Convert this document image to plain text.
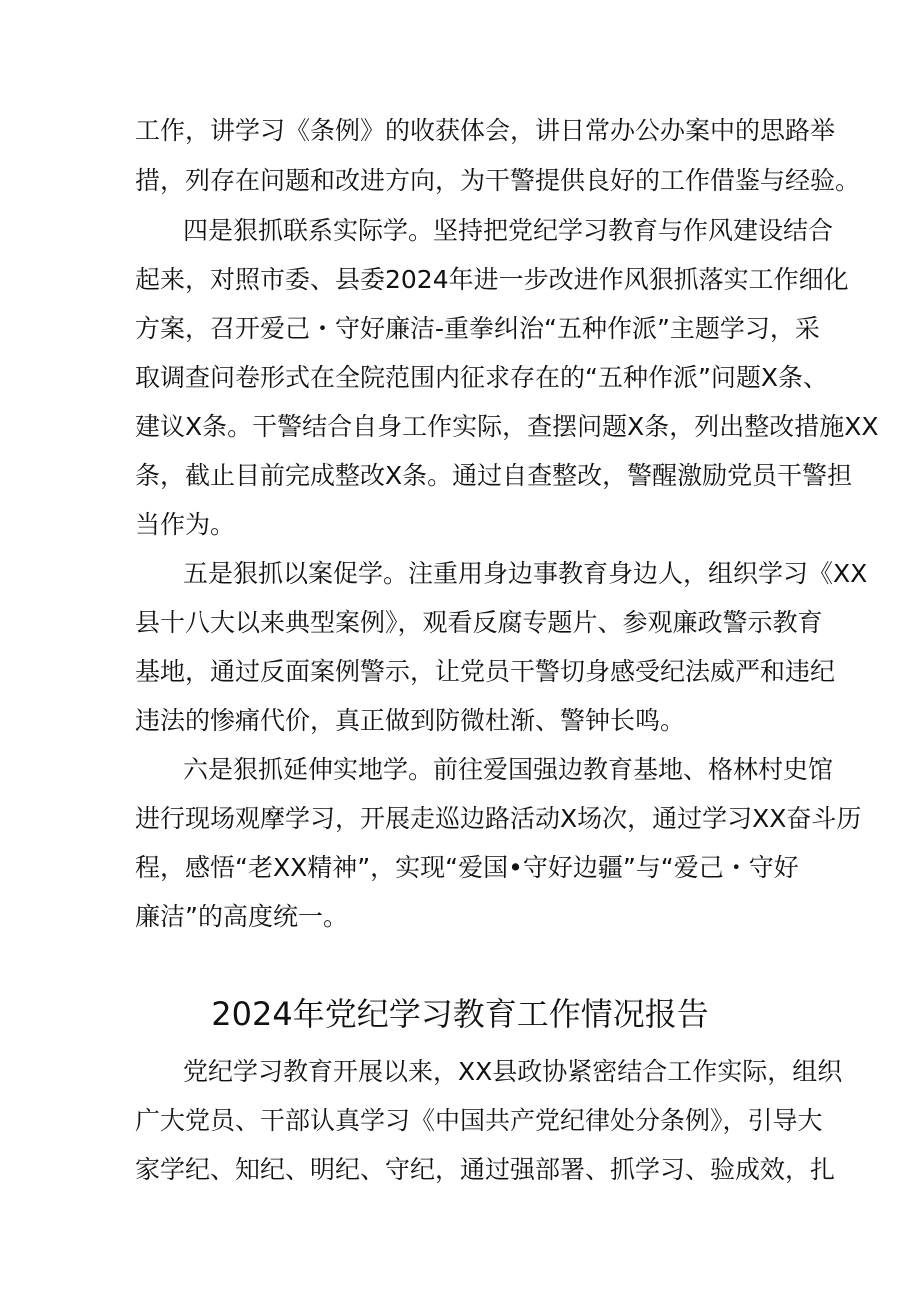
工作，讲学习《条例》的收获体会，讲日常办公办案中的思路举
措，列存在问题和改进方向，为干警提供良好的工作借鉴与经验。
四是狠抓联系实际学。坚持把党纪学习教育与作风建设结合
起来，对照市委、县委2024年进一步改进作风狠抓落实工作细化
方案，召开爱己・守好廉洁-重拳纠治“五种作派”主题学习，采
取调查问卷形式在全院范围内征求存在的“五种作派”问题X条、
建议X条。干警结合自身工作实际，查摆问题X条，列出整改措施XX
条，截止目前完成整改X条。通过自查整改，警醒激励党员干警担
当作为。
五是狠抓以案促学。注重用身边事教育身边人，组织学习《XX
县十八大以来典型案例》，观看反腐专题片、参观廉政警示教育
基地，通过反面案例警示，让党员干警切身感受纪法威严和违纪
违法的惨痛代价，真正做到防微杜渐、警钟长鸣。
六是狠抓延伸实地学。前往爱国强边教育基地、格林村史馆
进行现场观摩学习，开展走巡边路活动X场次，通过学习XX奋斗历
程，感悟“老XX精神”，实现“爱国•守好边疆”与“爱己・守好
廉洁”的高度统一。
2024年党纪学习教育工作情况报告
党纪学习教育开展以来，XX县政协紧密结合工作实际，组织
广大党员、干部认真学习《中国共产党纪律处分条例》，引导大
家学纪、知纪、明纪、守纪，通过强部署、抓学习、验成效，扎
